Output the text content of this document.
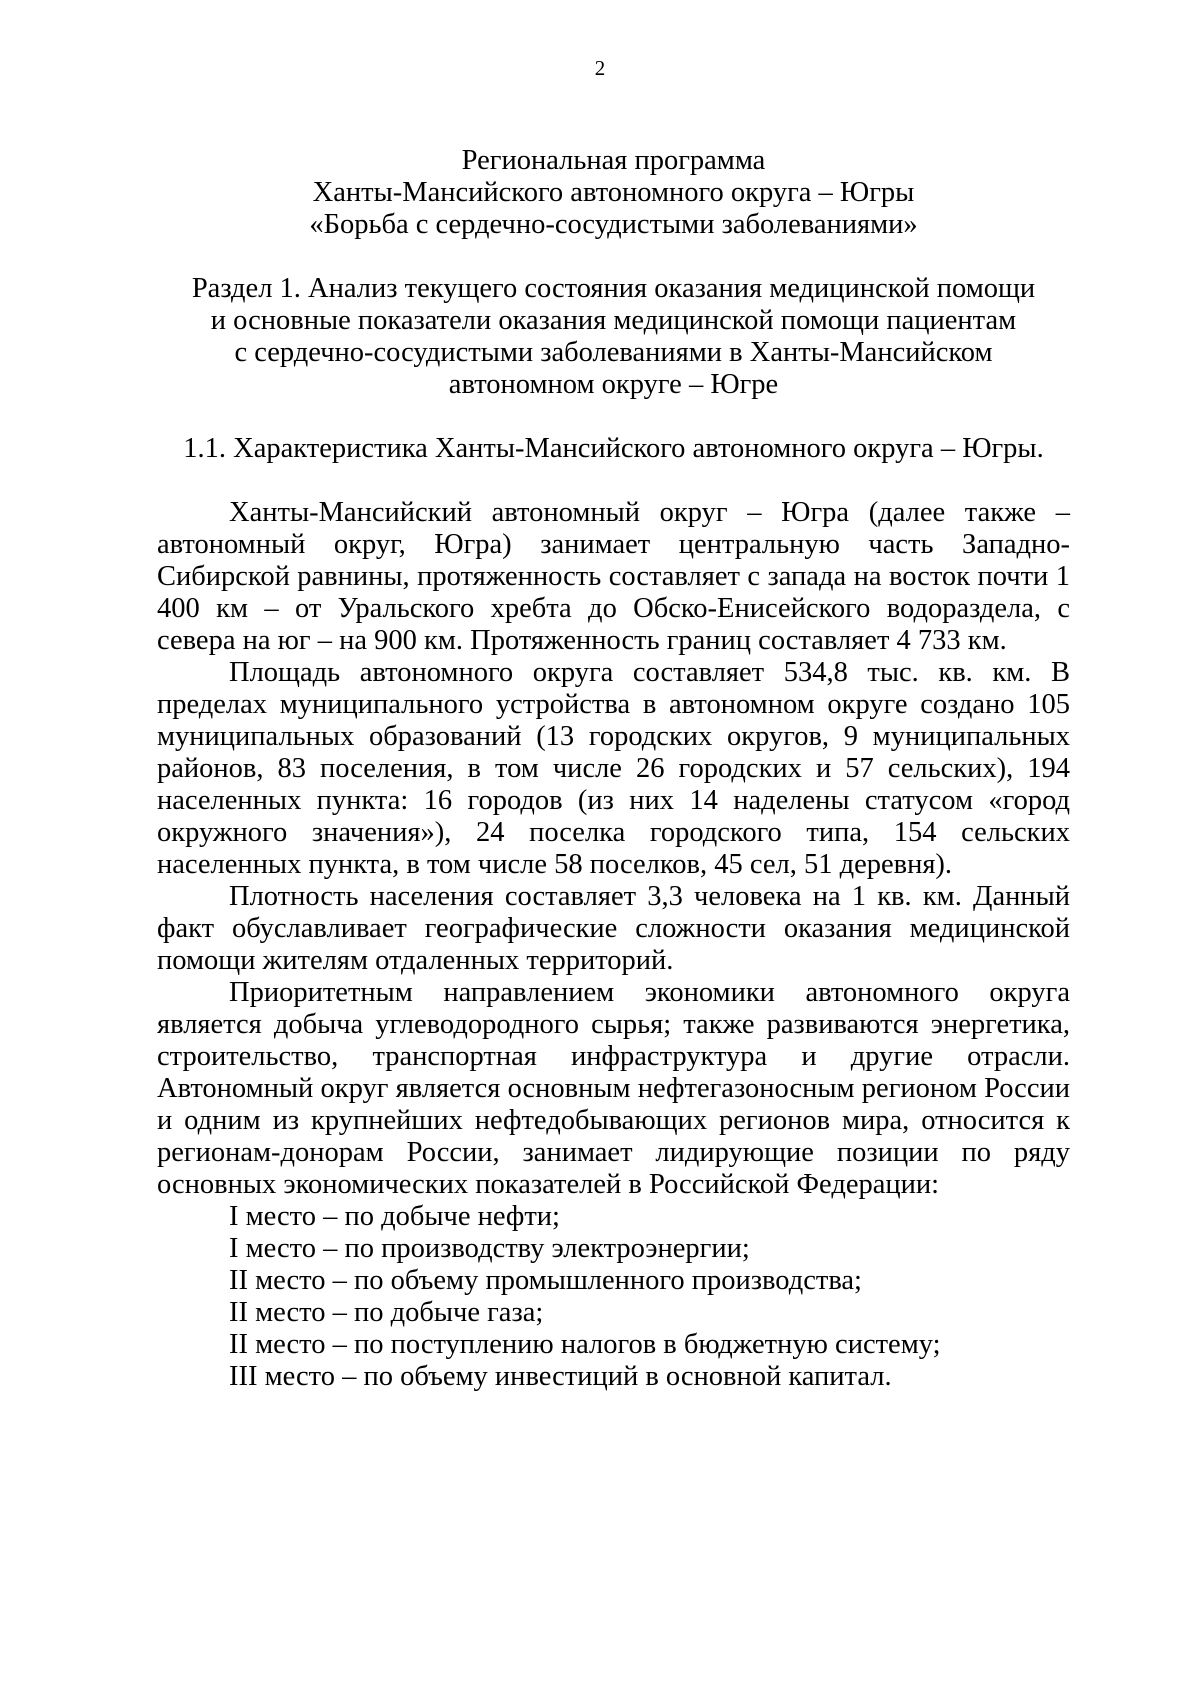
2
Региональная программа
Ханты-Мансийского автономного округа – Югры
«Борьба с сердечно-сосудистыми заболеваниями»
Раздел 1. Анализ текущего состояния оказания медицинской помощи
и основные показатели оказания медицинской помощи пациентам
с сердечно-сосудистыми заболеваниями в Ханты-Мансийском
автономном округе – Югре
1.1. Характеристика Ханты-Мансийского автономного округа – Югры.

Ханты-Мансийский автономный округ – Югра (далее также – автономный округ, Югра) занимает центральную часть Западно-Сибирской равнины, протяженность составляет с запада на восток почти 1 400 км – от Уральского хребта до Обско-Енисейского водораздела, с севера на юг – на 900 км. Протяженность границ составляет 4 733 км.

Площадь автономного округа составляет 534,8 тыс. кв. км. В пределах муниципального устройства в автономном округе создано 105 муниципальных образований (13 городских округов, 9 муниципальных районов, 83 поселения, в том числе 26 городских и 57 сельских), 194 населенных пункта: 16 городов (из них 14 наделены статусом «город окружного значения»), 24 поселка городского типа, 154 сельских населенных пункта, в том числе 58 поселков, 45 сел, 51 деревня).

Плотность населения составляет 3,3 человека на 1 кв. км. Данный факт обуславливает географические сложности оказания медицинской помощи жителям отдаленных территорий.

Приоритетным направлением экономики автономного округа является добыча углеводородного сырья; также развиваются энергетика, строительство, транспортная инфраструктура и другие отрасли. Автономный округ является основным нефтегазоносным регионом России и одним из крупнейших нефтедобывающих регионов мира, относится к регионам-донорам России, занимает лидирующие позиции по ряду основных экономических показателей в Российской Федерации:

I место – по добыче нефти;
I место – по производству электроэнергии;
II место – по объему промышленного производства;
II место – по добыче газа;
II место – по поступлению налогов в бюджетную систему;
III место – по объему инвестиций в основной капитал.
